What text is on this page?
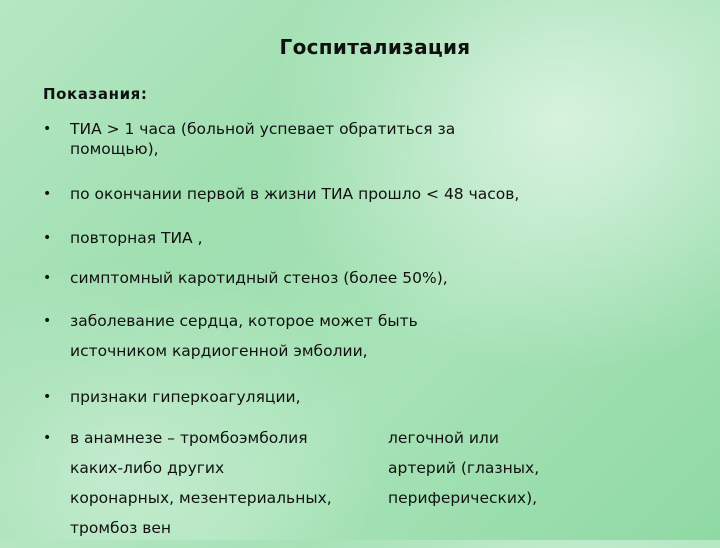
Госпитализация
Показания:
• ТИА > 1 часа (больной успевает обратиться за
помощью),
• по окончании первой в жизни ТИА прошло < 48 часов,
• повторная ТИА ,
• симптомный каротидный стеноз (более 50%),
• заболевание сердца, которое может быть
источником кардиогенной эмболии,
• признаки гиперкоагуляции,
• в анамнезе – тромбоэмболия
каких-либо других
коронарных, мезентериальных,
тромбоз вен
легочной или
артерий (глазных,
периферических),
